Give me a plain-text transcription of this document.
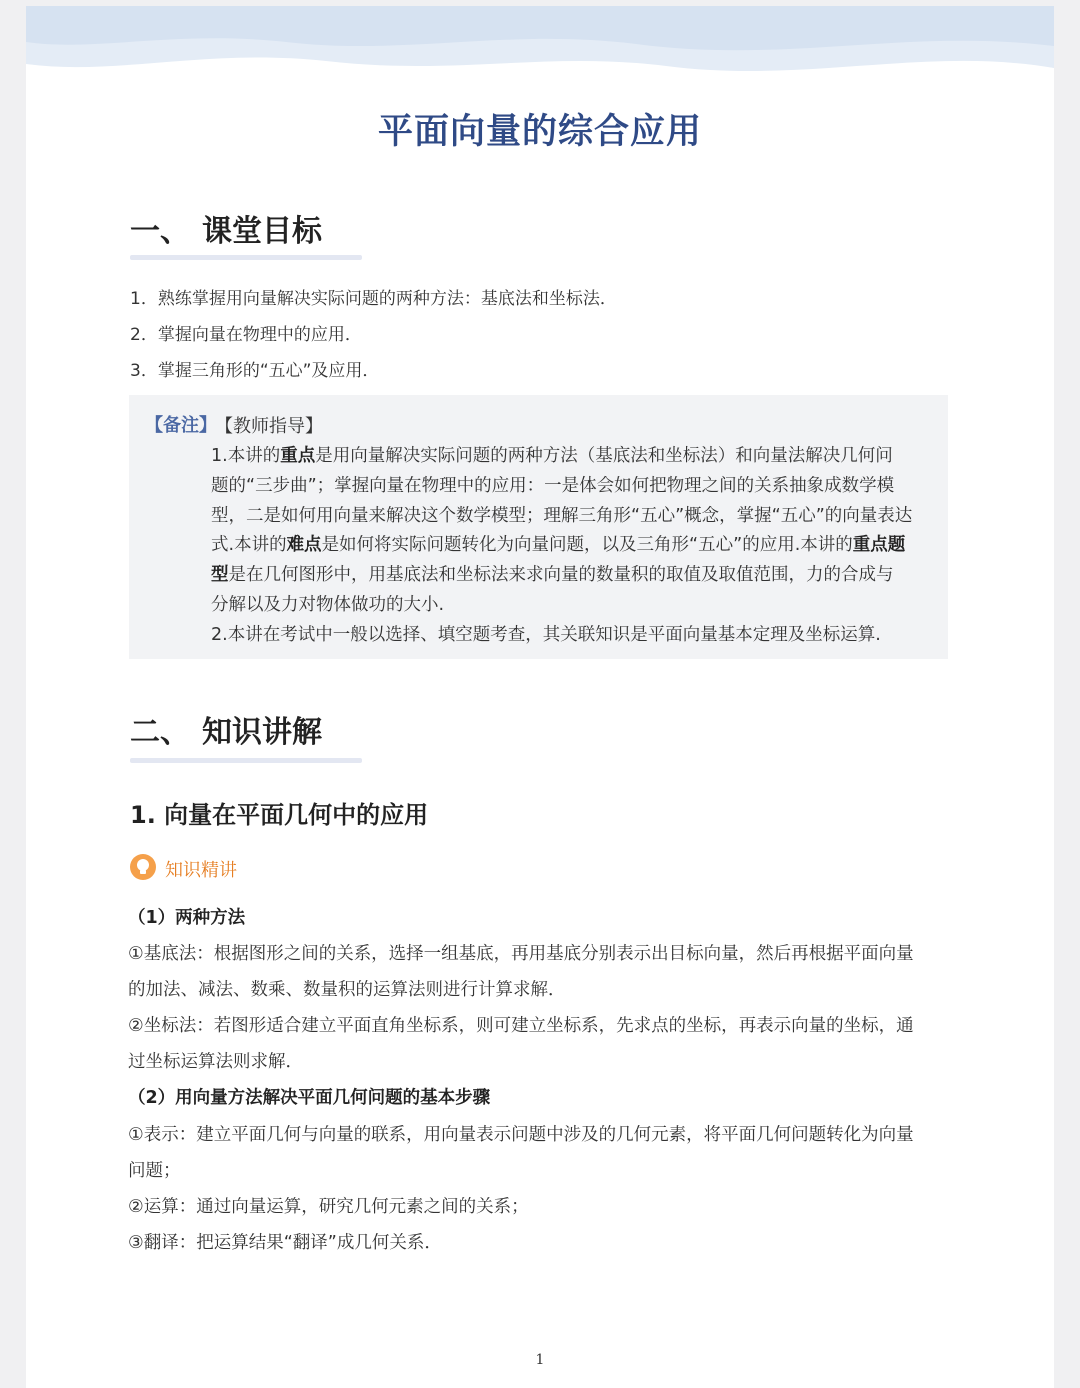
平面向量的综合应用
一、 课堂目标
1．熟练掌握用向量解决实际问题的两种方法：基底法和坐标法．
2．掌握向量在物理中的应用．
3．掌握三角形的“五心”及应用．
【备注】
【教师指导】
1.本讲的重点是用向量解决实际问题的两种方法（基底法和坐标法）和向量法解决几何问
题的“三步曲”；掌握向量在物理中的应用：一是体会如何把物理之间的关系抽象成数学模
型，二是如何用向量来解决这个数学模型；理解三角形“五心”概念，掌握“五心”的向量表达
式.本讲的难点是如何将实际问题转化为向量问题，以及三角形“五心”的应用.本讲的重点题
型是在几何图形中，用基底法和坐标法来求向量的数量积的取值及取值范围，力的合成与
分解以及力对物体做功的大小.
2.本讲在考试中一般以选择、填空题考查，其关联知识是平面向量基本定理及坐标运算.
二、 知识讲解
1. 向量在平面几何中的应用
知识精讲
（1）两种方法
①基底法：根据图形之间的关系，选择一组基底，再用基底分别表示出目标向量，然后再根据平面向量
的加法、减法、数乘、数量积的运算法则进行计算求解．
②坐标法：若图形适合建立平面直角坐标系，则可建立坐标系，先求点的坐标，再表示向量的坐标，通
过坐标运算法则求解．
（2）用向量方法解决平面几何问题的基本步骤
①表示：建立平面几何与向量的联系，用向量表示问题中涉及的几何元素，将平面几何问题转化为向量
问题；
②运算：通过向量运算，研究几何元素之间的关系；
③翻译：把运算结果“翻译”成几何关系．
1
